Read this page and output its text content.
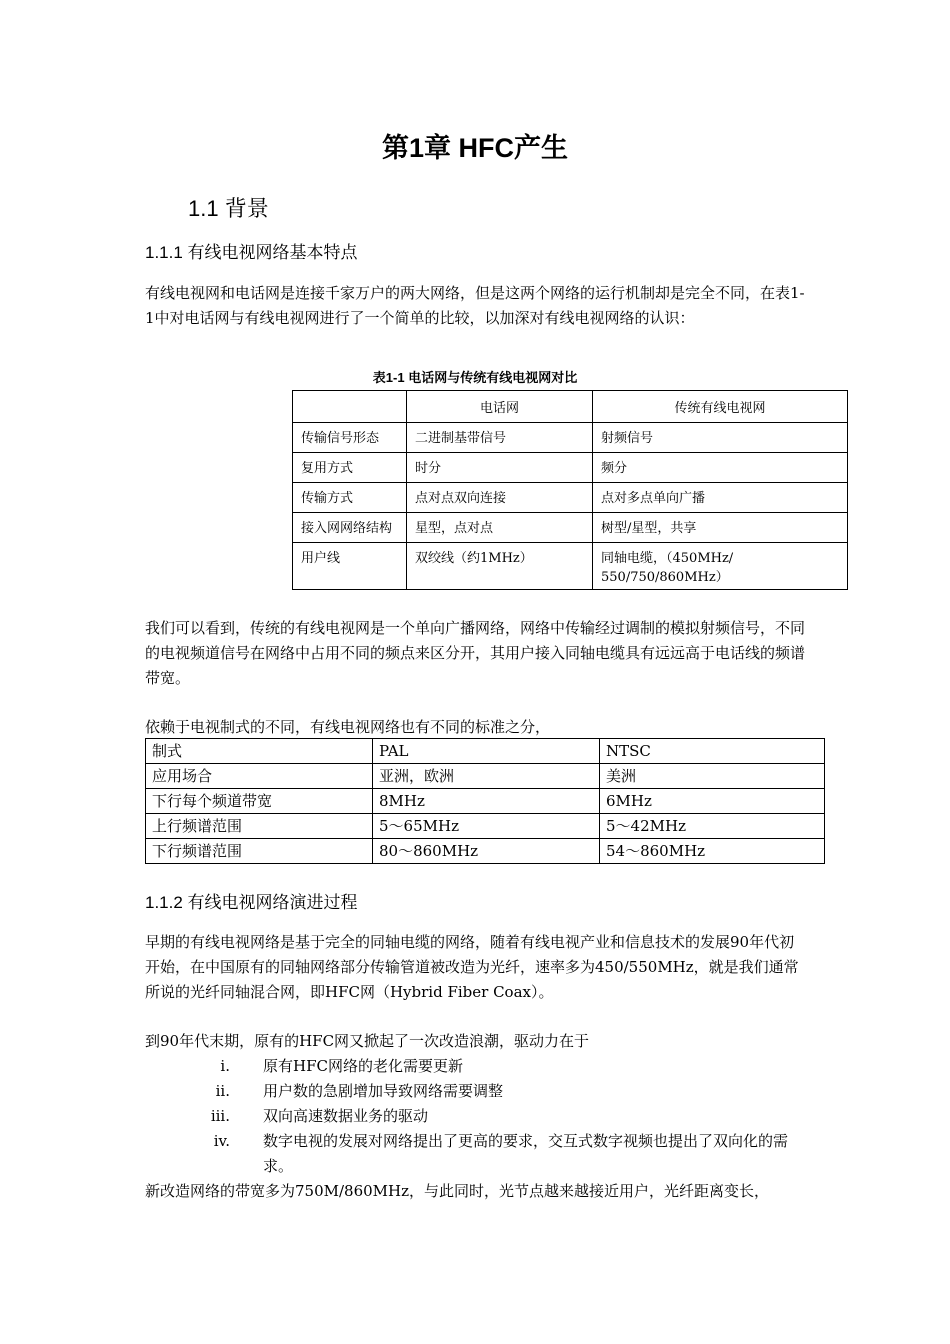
第1章 HFC产生
1.1 背景
1.1.1 有线电视网络基本特点
有线电视网和电话网是连接千家万户的两大网络，但是这两个网络的运行机制却是完全不同，在表1-1中对电话网与有线电视网进行了一个简单的比较，以加深对有线电视网络的认识：
表1-1 电话网与传统有线电视网对比
	电话网	传统有线电视网
传输信号形态	二进制基带信号	射频信号
复用方式	时分	频分
传输方式	点对点双向连接	点对多点单向广播
接入网网络结构	星型，点对点	树型/星型，共享
用户线	双绞线（约1MHz）	同轴电缆，（450MHz/ 550/750/860MHz）
我们可以看到，传统的有线电视网是一个单向广播网络，网络中传输经过调制的模拟射频信号，不同的电视频道信号在网络中占用不同的频点来区分开，其用户接入同轴电缆具有远远高于电话线的频谱带宽。
依赖于电视制式的不同，有线电视网络也有不同的标准之分，
制式	PAL	NTSC
应用场合	亚洲，欧洲	美洲
下行每个频道带宽	8MHz	6MHz
上行频谱范围	5～65MHz	5～42MHz
下行频谱范围	80～860MHz	54～860MHz
1.1.2 有线电视网络演进过程
早期的有线电视网络是基于完全的同轴电缆的网络，随着有线电视产业和信息技术的发展90年代初开始，在中国原有的同轴网络部分传输管道被改造为光纤，速率多为450/550MHz，就是我们通常所说的光纤同轴混合网，即HFC网（Hybrid Fiber Coax）。
到90年代末期，原有的HFC网又掀起了一次改造浪潮，驱动力在于
i. 原有HFC网络的老化需要更新
ii. 用户数的急剧增加导致网络需要调整
iii. 双向高速数据业务的驱动
iv. 数字电视的发展对网络提出了更高的要求，交互式数字视频也提出了双向化的需求。
新改造网络的带宽多为750M/860MHz，与此同时，光节点越来越接近用户，光纤距离变长，
